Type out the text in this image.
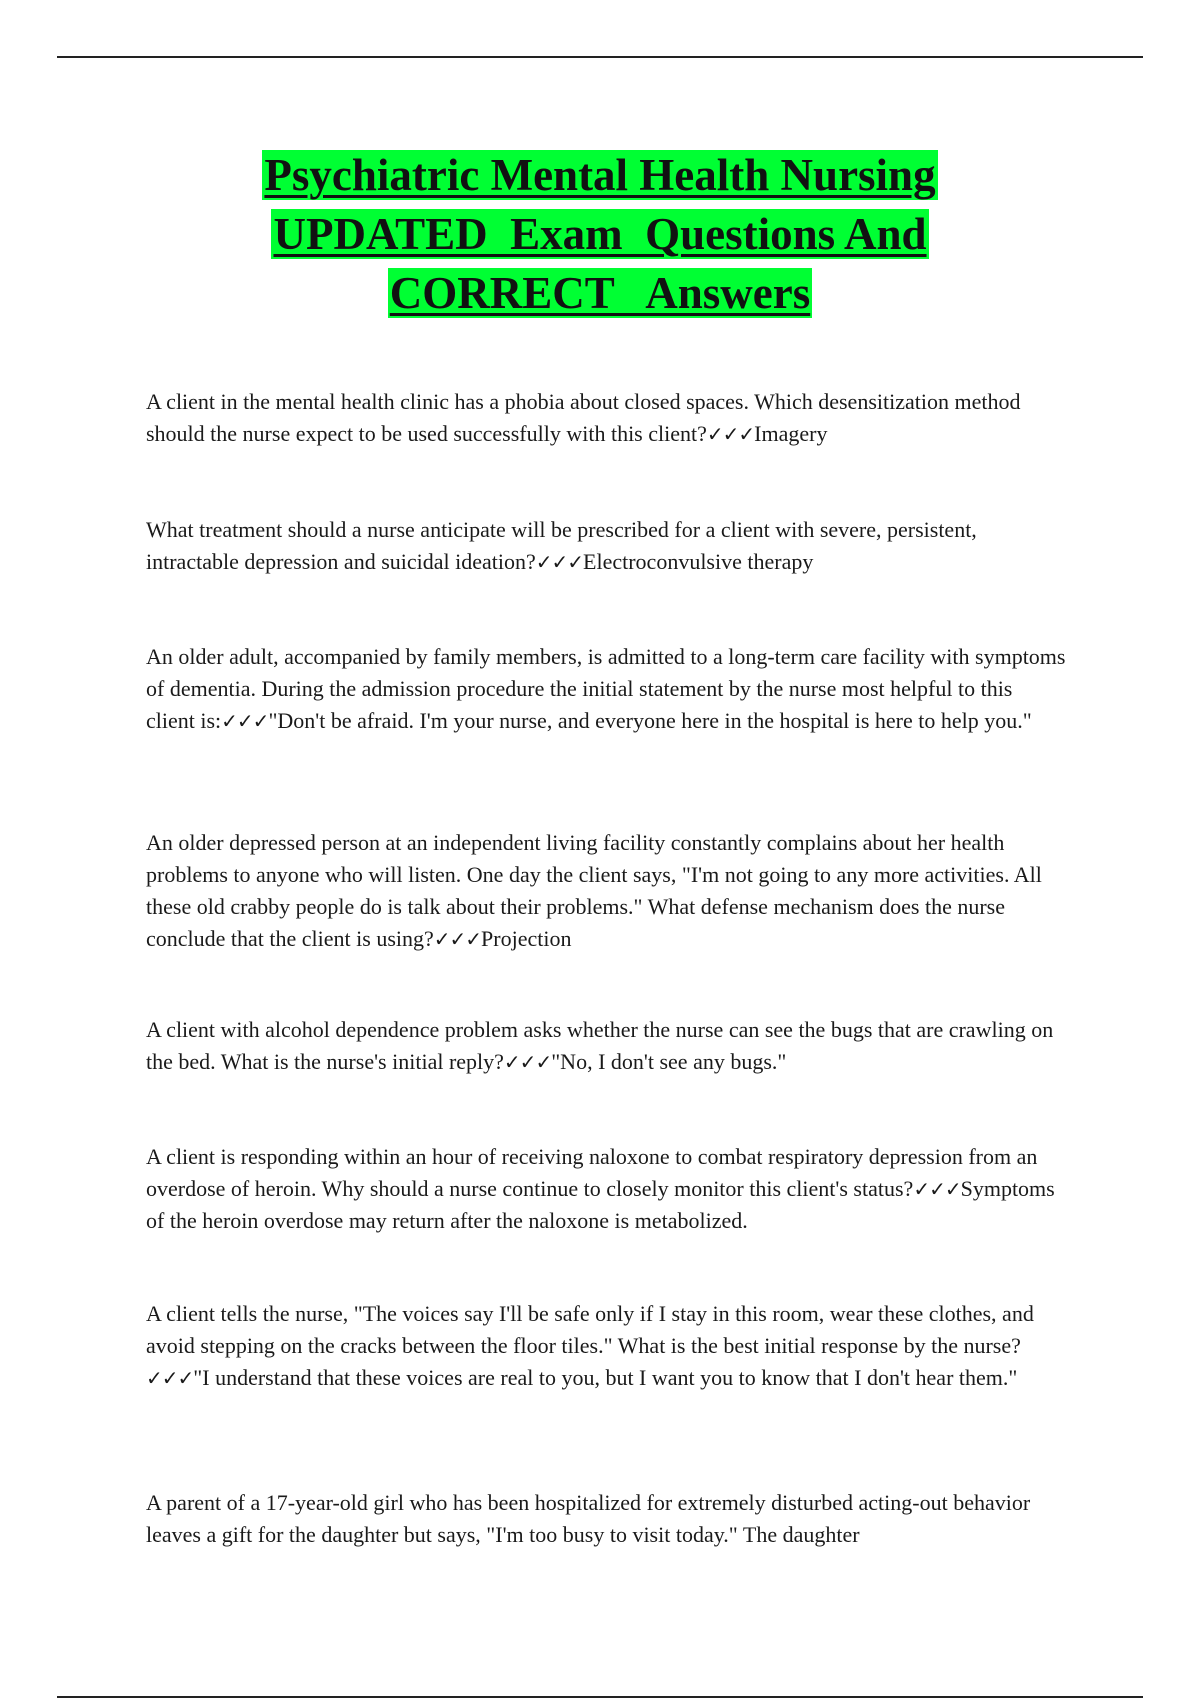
Psychiatric Mental Health Nursing
UPDATED  Exam  Questions And
CORRECT   Answers

A client in the mental health clinic has a phobia about closed spaces. Which desensitization method should the nurse expect to be used successfully with this client?✓✓✓Imagery

What treatment should a nurse anticipate will be prescribed for a client with severe, persistent, intractable depression and suicidal ideation?✓✓✓Electroconvulsive therapy

An older adult, accompanied by family members, is admitted to a long-term care facility with symptoms of dementia. During the admission procedure the initial statement by the nurse most helpful to this client is:✓✓✓"Don't be afraid. I'm your nurse, and everyone here in the hospital is here to help you."

An older depressed person at an independent living facility constantly complains about her health problems to anyone who will listen. One day the client says, "I'm not going to any more activities. All these old crabby people do is talk about their problems." What defense mechanism does the nurse conclude that the client is using?✓✓✓Projection

A client with alcohol dependence problem asks whether the nurse can see the bugs that are crawling on the bed. What is the nurse's initial reply?✓✓✓"No, I don't see any bugs."

A client is responding within an hour of receiving naloxone to combat respiratory depression from an overdose of heroin. Why should a nurse continue to closely monitor this client's status?✓✓✓Symptoms of the heroin overdose may return after the naloxone is metabolized.

A client tells the nurse, "The voices say I'll be safe only if I stay in this room, wear these clothes, and avoid stepping on the cracks between the floor tiles." What is the best initial response by the nurse?✓✓✓"I understand that these voices are real to you, but I want you to know that I don't hear them."

A parent of a 17-year-old girl who has been hospitalized for extremely disturbed acting-out behavior leaves a gift for the daughter but says, "I'm too busy to visit today." The daughter
